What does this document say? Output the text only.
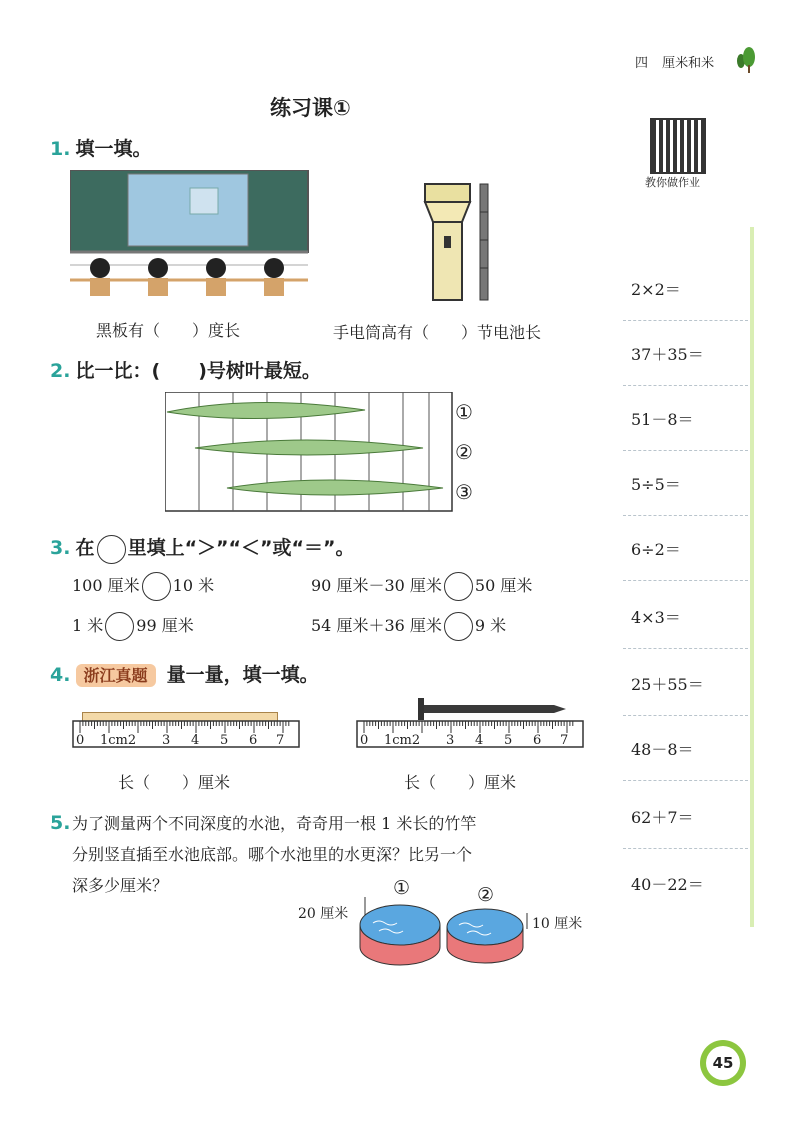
四 厘米和米
教你做作业
练习课①
1. 填一填。
黑板有（　　）度长	手电筒高有（　　）节电池长
2. 比一比：(　　)号树叶最短。
①
②
③
3. 在 里填上“＞”“＜”或“＝”。
100 厘米 10 米	90 厘米－30 厘米 50 厘米
1 米 99 厘米	54 厘米＋36 厘米 9 米
4. 浙江真题 量一量，填一填。
0 1cm2 3 4 5 6 7
长（　　）厘米
0 1cm2 3 4 5 6 7
长（　　）厘米
5. 为了测量两个不同深度的水池，奇奇用一根 1 米长的竹竿
分别竖直插至水池底部。哪个水池里的水更深？比另一个
深多少厘米？
20 厘米
①	②
10 厘米
2×2＝
37＋35＝
51－8＝
5÷5＝
6÷2＝
4×3＝
25＋55＝
48－8＝
62＋7＝
40－22＝
45
